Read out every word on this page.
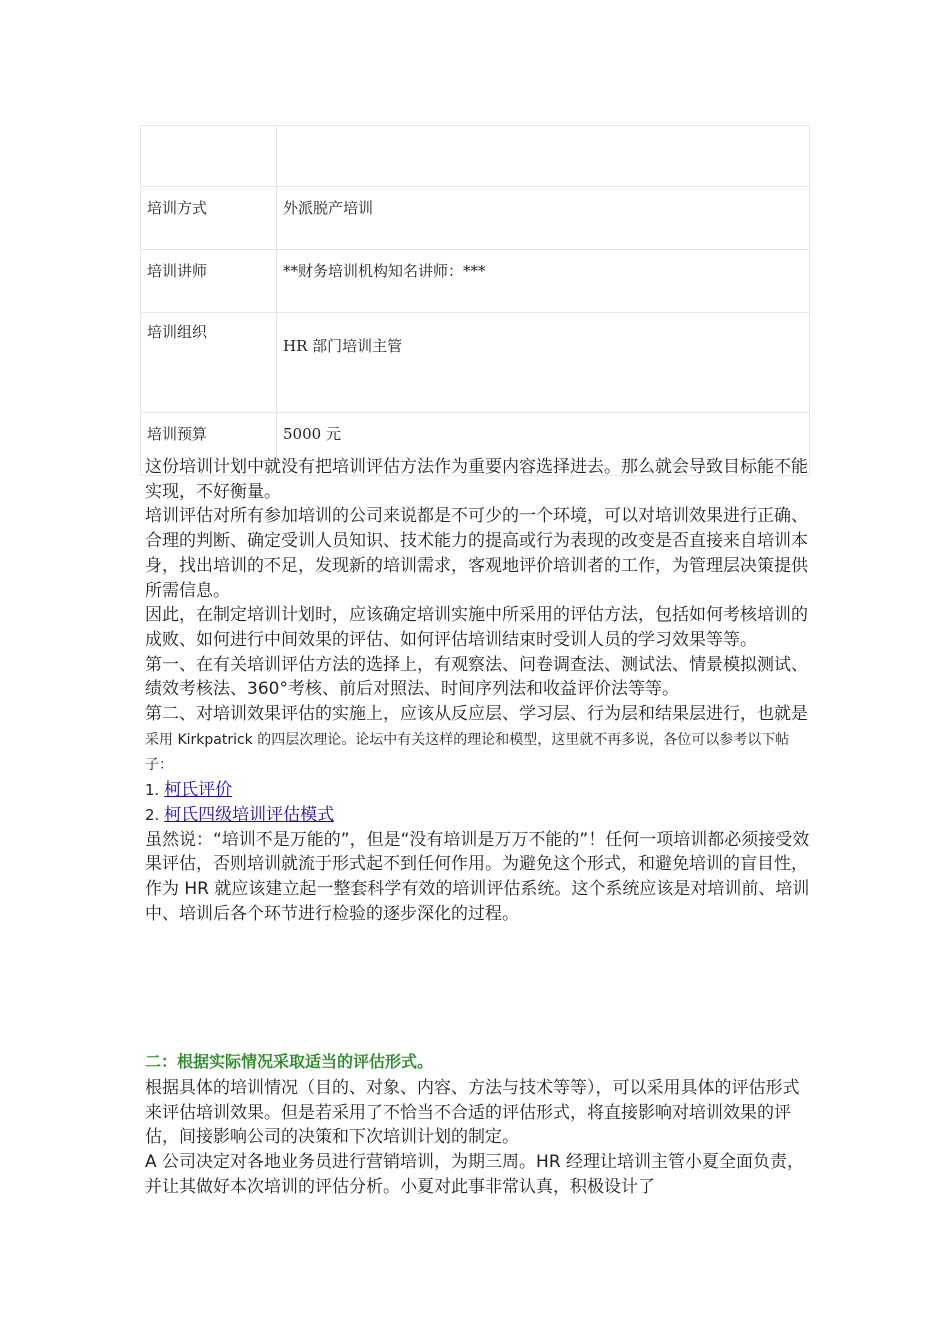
培训方式	外派脱产培训
培训讲师	**财务培训机构知名讲师：***
培训组织	HR 部门培训主管
培训预算	5000 元

这份培训计划中就没有把培训评估方法作为重要内容选择进去。那么就会导致目标能不能实现，不好衡量。

培训评估对所有参加培训的公司来说都是不可少的一个环境，可以对培训效果进行正确、合理的判断、确定受训人员知识、技术能力的提高或行为表现的改变是否直接来自培训本身，找出培训的不足，发现新的培训需求，客观地评价培训者的工作，为管理层决策提供所需信息。

因此，在制定培训计划时，应该确定培训实施中所采用的评估方法，包括如何考核培训的成败、如何进行中间效果的评估、如何评估培训结束时受训人员的学习效果等等。

第一、在有关培训评估方法的选择上，有观察法、问卷调查法、测试法、情景模拟测试、绩效考核法、360°考核、前后对照法、时间序列法和收益评价法等等。

第二、对培训效果评估的实施上，应该从反应层、学习层、行为层和结果层进行，也就是采用 Kirkpatrick 的四层次理论。论坛中有关这样的理论和模型，这里就不再多说，各位可以参考以下帖子：

1. 柯氏评价

2. 柯氏四级培训评估模式

虽然说：“培训不是万能的”，但是“没有培训是万万不能的”！任何一项培训都必须接受效果评估，否则培训就流于形式起不到任何作用。为避免这个形式，和避免培训的盲目性，作为 HR 就应该建立起一整套科学有效的培训评估系统。这个系统应该是对培训前、培训中、培训后各个环节进行检验的逐步深化的过程。

二：根据实际情况采取适当的评估形式。

根据具体的培训情况（目的、对象、内容、方法与技术等等），可以采用具体的评估形式来评估培训效果。但是若采用了不恰当不合适的评估形式，将直接影响对培训效果的评估，间接影响公司的决策和下次培训计划的制定。

A 公司决定对各地业务员进行营销培训，为期三周。HR 经理让培训主管小夏全面负责，并让其做好本次培训的评估分析。小夏对此事非常认真，积极设计了
